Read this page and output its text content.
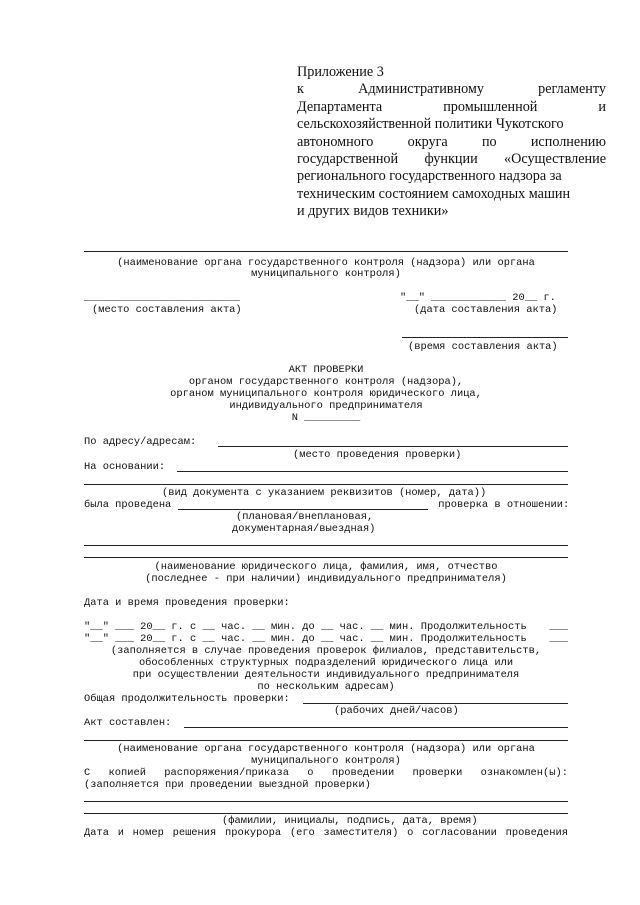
Приложение 3
к	Административному	регламенту
Департамента	промышленной	и
сельскохозяйственной политики Чукотского
автономного округа по исполнению
государственной функции «Осуществление
регионального государственного надзора за
техническим состоянием самоходных машин
и других видов техники»
(наименование органа государственного контроля (надзора) или органа
муниципального контроля)
_________________________
(место составления акта)
"__" ____________ 20__ г.
(дата составления акта)
(время составления акта)
АКТ ПРОВЕРКИ
органом государственного контроля (надзора),
органом муниципального контроля юридического лица,
индивидуального предпринимателя
N _________
По адресу/адресам:
(место проведения проверки)
На основании:
(вид документа с указанием реквизитов (номер, дата))
была проведена	проверка в отношении:
(плановая/внеплановая,
документарная/выездная)
(наименование юридического лица, фамилия, имя, отчество
(последнее - при наличии) индивидуального предпринимателя)
Дата и время проведения проверки:
"__" ___ 20__ г. с __ час. __ мин. до __ час. __ мин. Продолжительность ___
"__" ___ 20__ г. с __ час. __ мин. до __ час. __ мин. Продолжительность ___
(заполняется в случае проведения проверок филиалов, представительств,
обособленных структурных подразделений юридического лица или
при осуществлении деятельности индивидуального предпринимателя
по нескольким адресам)
Общая продолжительность проверки:
(рабочих дней/часов)
Акт составлен:
(наименование органа государственного контроля (надзора) или органа
муниципального контроля)
С копией распоряжения/приказа о проведении проверки ознакомлен(ы):
(заполняется при проведении выездной проверки)
(фамилии, инициалы, подпись, дата, время)
Дата и номер решения прокурора (его заместителя) о согласовании проведения
